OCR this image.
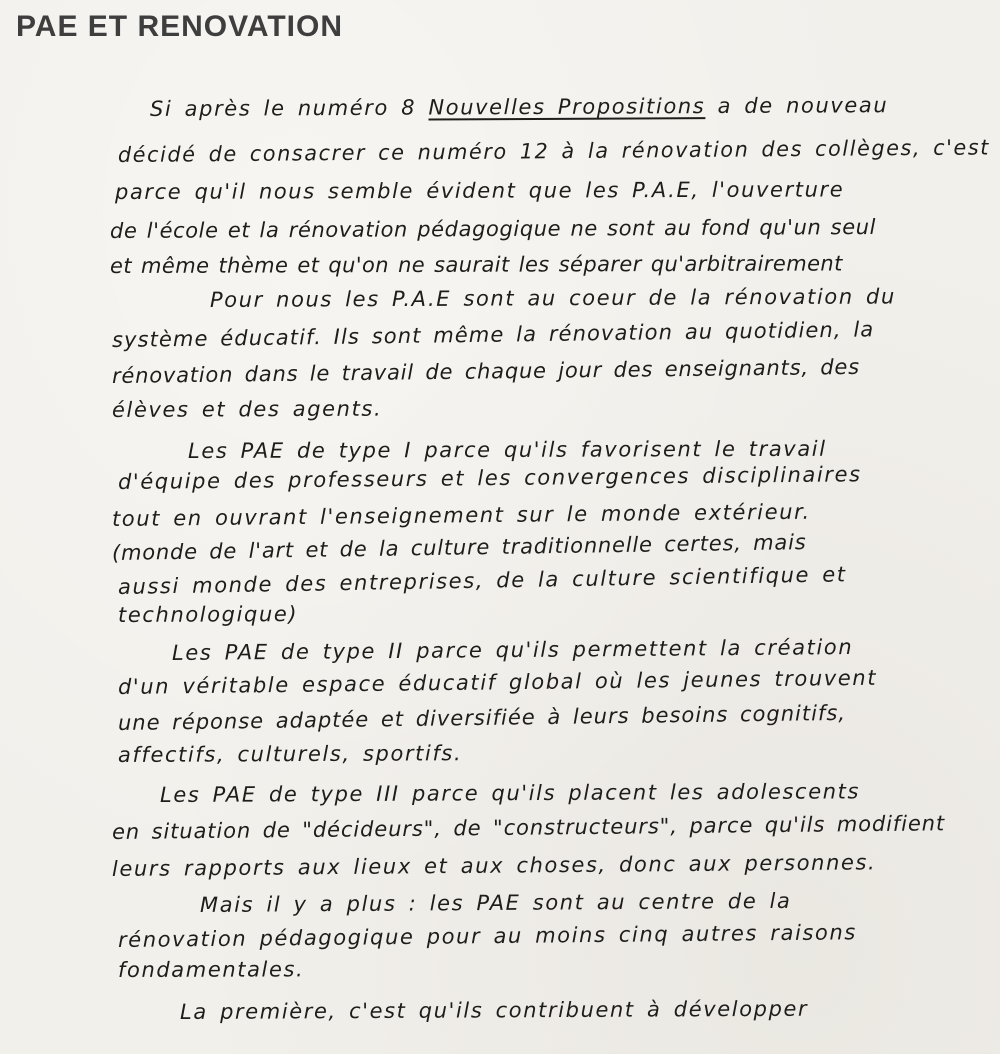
PAE ET RENOVATION
Si après le numéro 8 Nouvelles Propositions a de nouveau
décidé de consacrer ce numéro 12 à la rénovation des collèges, c'est
parce qu'il nous semble évident que les P.A.E, l'ouverture
de l'école et la rénovation pédagogique ne sont au fond qu'un seul
et même thème et qu'on ne saurait les séparer qu'arbitrairement
Pour nous les P.A.E sont au coeur de la rénovation du
système éducatif. Ils sont même la rénovation au quotidien, la
rénovation dans le travail de chaque jour des enseignants, des
élèves et des agents.
Les PAE de type I parce qu'ils favorisent le travail
d'équipe des professeurs et les convergences disciplinaires
tout en ouvrant l'enseignement sur le monde extérieur.
(monde de l'art et de la culture traditionnelle certes, mais
aussi monde des entreprises, de la culture scientifique et
technologique)
Les PAE de type II parce qu'ils permettent la création
d'un véritable espace éducatif global où les jeunes trouvent
une réponse adaptée et diversifiée à leurs besoins cognitifs,
affectifs, culturels, sportifs.
Les PAE de type III parce qu'ils placent les adolescents
en situation de "décideurs", de "constructeurs", parce qu'ils modifient
leurs rapports aux lieux et aux choses, donc aux personnes.
Mais il y a plus : les PAE sont au centre de la
rénovation pédagogique pour au moins cinq autres raisons
fondamentales.
La première, c'est qu'ils contribuent à développer
